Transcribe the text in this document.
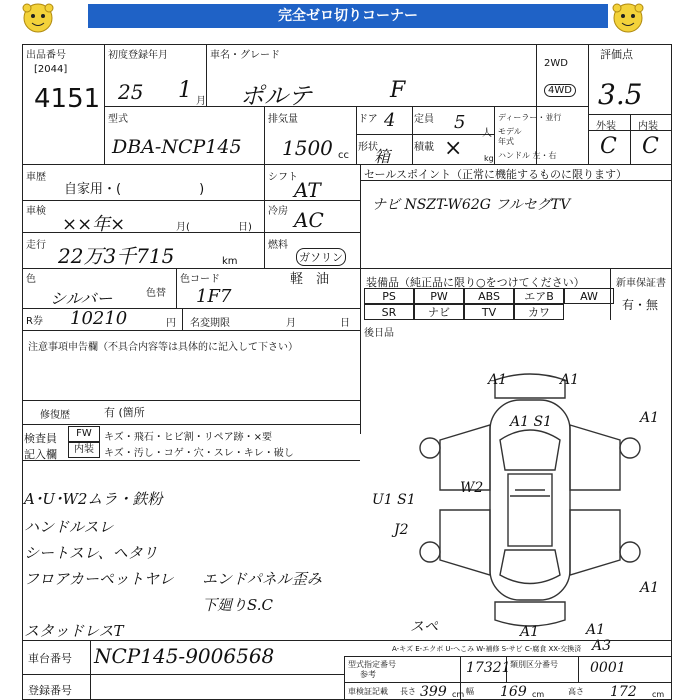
完全ゼロ切りコーナー
出品番号
[2044]
4151
初度登録年月
25 1 月
車名・グレード
ポルテ	F
2WD
4WD
評価点
3.5
外装 内装
C C
型式
DBA-NCP145
排気量
1500 cc
ドア 4 定員 5
人
形状
箱 積載 ×	kg
ディーラー・並行
モデル
年式
ハンドル 左・右
車歴
自家用・(　　　　　　)
シフト
AT
セールスポイント（正常に機能するものに限ります）
ナビ NSZT-W62G フルセグTV
車検
××年×	月(	日)
冷房 AC
走行 22万3千715	km
燃料
ガソリン
軽　油
色
シルバー	色替
色コード
1F7
装備品（純正品に限り○をつけてください）	新車保証書
有・無
PS	PW	ABS	エアB	AW
SR	ナビ	TV	カワ
R券 10210	円 名変期限	月	日
後日品
注意事項申告欄（不具合内容等は具体的に記入して下さい）
修復歴	有 (箇所
検査員
記入欄
FW
内装
キズ・飛石・ヒビ割・リペア跡・×要
キズ・汚し・コゲ・穴・スレ・キレ・破し
A･U･W2ムラ・鉄粉
ハンドルスレ
シートスレ、ヘタリ
フロアカーペットヤレ エンドパネル歪み
下廻りS.C
スタッドレスT
A1	A1
A1 S1	A1
W2
U1 S1
J2
A1
A1	A1
A3
スペ
車台番号 NCP145-9006568
登録番号
A-キズ E-エクボ U-へこみ W-補修 S-サビ C-腐食 XX-交換済
型式指定番号
参考	17321 類別区分番号 0001
車検証記載 長さ 399 cm 幅 169 cm	高さ 172 cm
